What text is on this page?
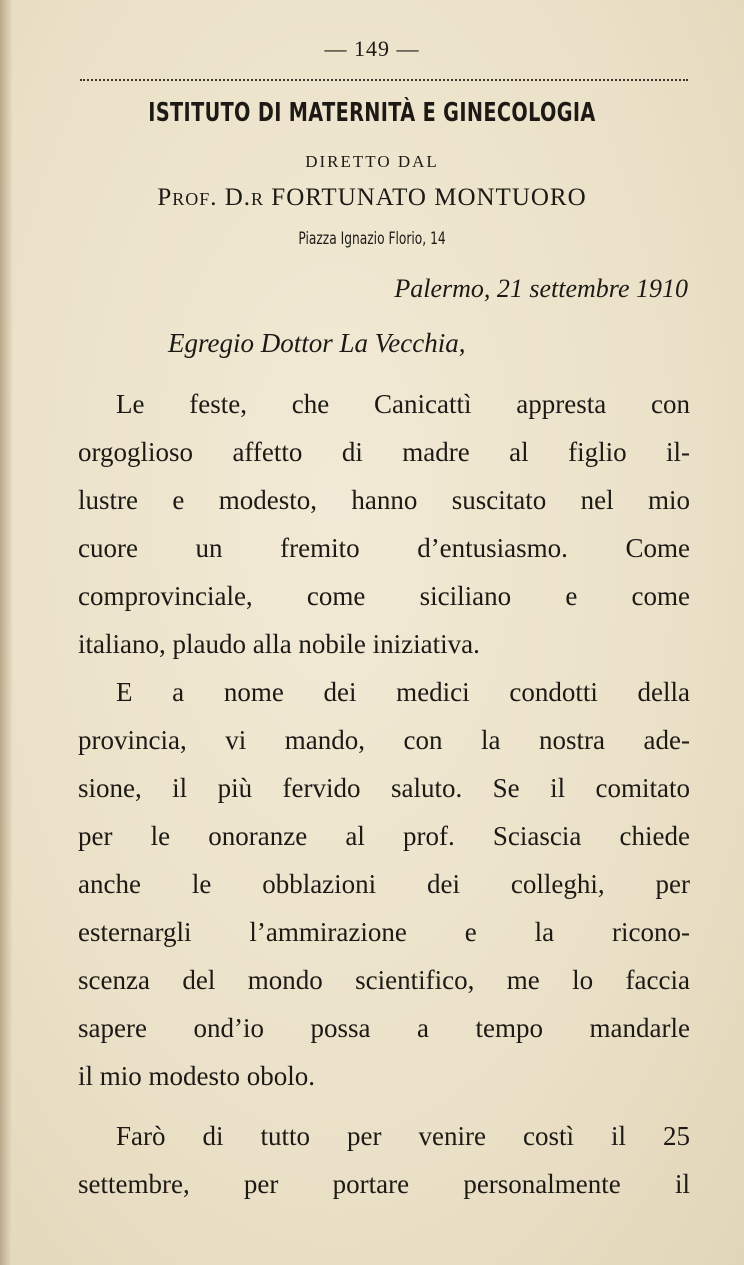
— 149 —
ISTITUTO DI MATERNITÀ E GINECOLOGIA
DIRETTO DAL
Prof. D.r FORTUNATO MONTUORO
Piazza Ignazio Florio, 14
Palermo, 21 settembre 1910
Egregio Dottor La Vecchia,
Le feste, che Canicattì appresta con
orgoglioso affetto di madre al figlio il-
lustre e modesto, hanno suscitato nel mio
cuore un fremito d’entusiasmo. Come
comprovinciale, come siciliano e come
italiano, plaudo alla nobile iniziativa.
E a nome dei medici condotti della
provincia, vi mando, con la nostra ade-
sione, il più fervido saluto. Se il comitato
per le onoranze al prof. Sciascia chiede
anche le obblazioni dei colleghi, per
esternargli l’ammirazione e la ricono-
scenza del mondo scientifico, me lo faccia
sapere ond’io possa a tempo mandarle
il mio modesto obolo.
Farò di tutto per venire costì il 25
settembre, per portare personalmente il
